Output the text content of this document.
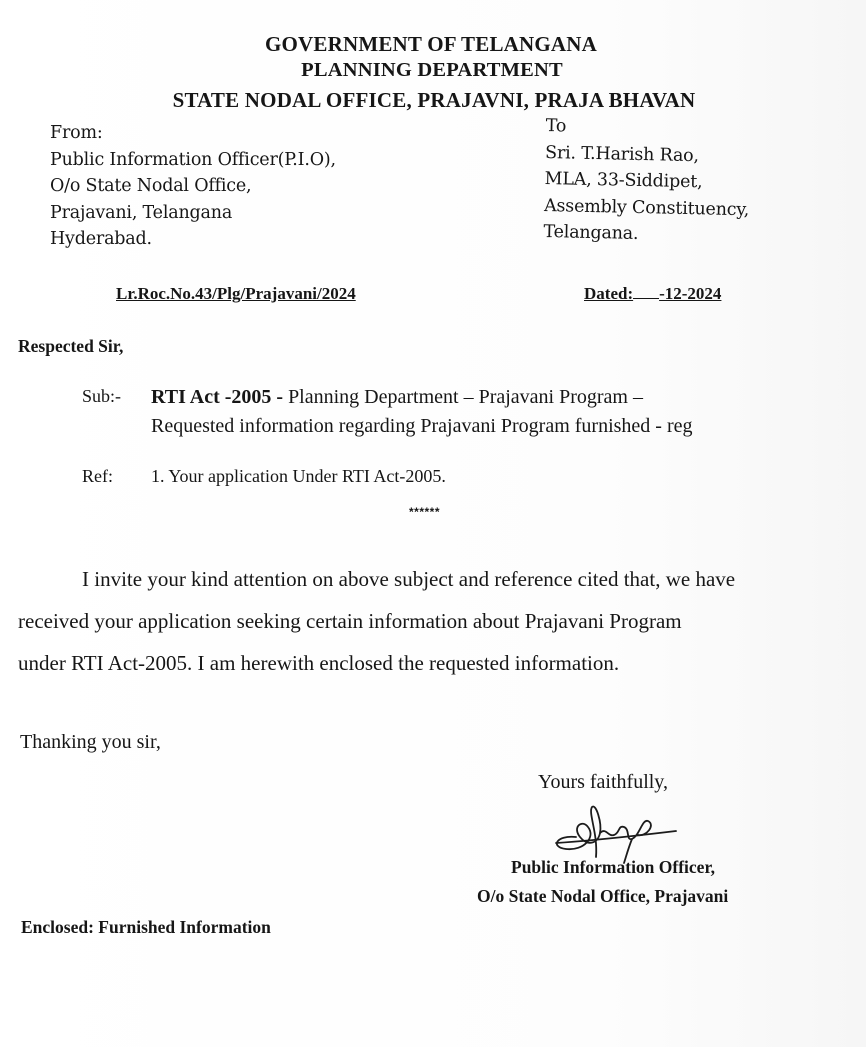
GOVERNMENT OF TELANGANA
PLANNING DEPARTMENT
STATE NODAL OFFICE, PRAJAVNI, PRAJA BHAVAN
From:
Public Information Officer(P.I.O),
O/o State Nodal Office,
Prajavani, Telangana
Hyderabad.
To
Sri. T.Harish Rao,
MLA, 33-Siddipet,
Assembly Constituency,
Telangana.
Lr.Roc.No.43/Plg/Prajavani/2024	Dated: -12-2024
Respected Sir,
Sub:- RTI Act -2005 - Planning Department – Prajavani Program –
Requested information regarding Prajavani Program furnished - reg
Ref: 1. Your application Under RTI Act-2005.
******
I invite your kind attention on above subject and reference cited that, we have
received your application seeking certain information about Prajavani Program
under RTI Act-2005. I am herewith enclosed the requested information.
Thanking you sir,
Yours faithfully,
Public Information Officer,
O/o State Nodal Office, Prajavani
Enclosed: Furnished Information
